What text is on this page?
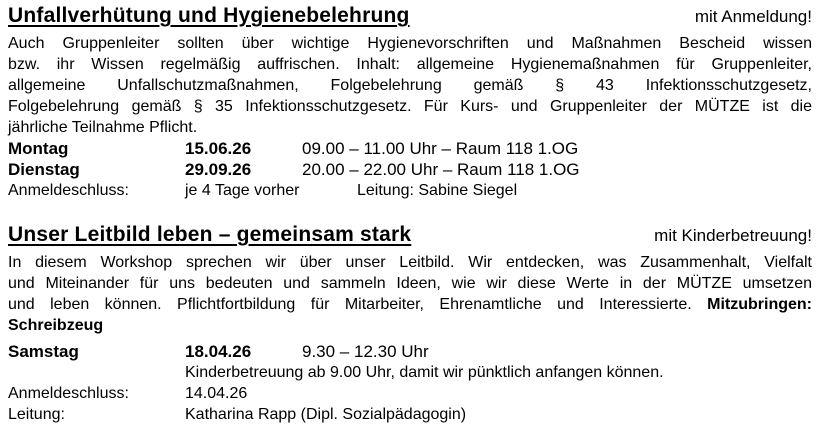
Unfallverhütung und Hygienebelehrung	mit Anmeldung!
Auch Gruppenleiter sollten über wichtige Hygienevorschriften und Maßnahmen Bescheid wissen
bzw. ihr Wissen regelmäßig auffrischen. Inhalt: allgemeine Hygienemaßnahmen für Gruppenleiter,
allgemeine Unfallschutzmaßnahmen, Folgebelehrung gemäß § 43 Infektionsschutzgesetz,
Folgebelehrung gemäß § 35 Infektionsschutzgesetz. Für Kurs- und Gruppenleiter der MÜTZE ist die
jährliche Teilnahme Pflicht.
Montag	15.06.26	09.00 – 11.00 Uhr – Raum 118 1.OG
Dienstag	29.09.26	20.00 – 22.00 Uhr – Raum 118 1.OG
Anmeldeschluss:	je 4 Tage vorher	Leitung: Sabine Siegel
Unser Leitbild leben – gemeinsam stark	mit Kinderbetreuung!
In diesem Workshop sprechen wir über unser Leitbild. Wir entdecken, was Zusammenhalt, Vielfalt
und Miteinander für uns bedeuten und sammeln Ideen, wie wir diese Werte in der MÜTZE umsetzen
und leben können. Pflichtfortbildung für Mitarbeiter, Ehrenamtliche und Interessierte. Mitzubringen:
Schreibzeug
Samstag	18.04.26	9.30 – 12.30 Uhr
Kinderbetreuung ab 9.00 Uhr, damit wir pünktlich anfangen können.
Anmeldeschluss:	14.04.26
Leitung:	Katharina Rapp (Dipl. Sozialpädagogin)
